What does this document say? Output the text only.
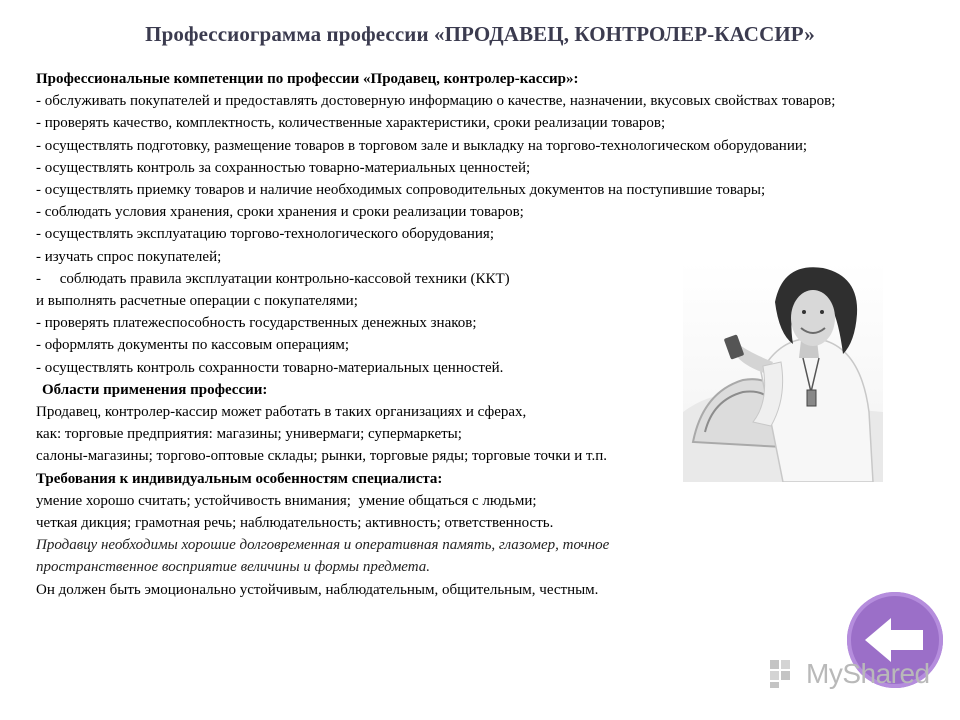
Профессиограмма профессии «ПРОДАВЕЦ, КОНТРОЛЕР-КАССИР»

Профессиональные компетенции по профессии «Продавец, контролер-кассир»:

- обслуживать покупателей и предоставлять достоверную информацию о качестве, назначении, вкусовых свойствах товаров;

- проверять качество, комплектность, количественные характеристики, сроки реализации товаров;

- осуществлять подготовку, размещение товаров в торговом зале и выкладку на торгово-технологическом оборудовании;

- осуществлять контроль за сохранностью товарно-материальных ценностей;

- осуществлять приемку товаров и наличие необходимых сопроводительных документов на поступившие товары;

- соблюдать условия хранения, сроки хранения и сроки реализации товаров;

- осуществлять эксплуатацию торгово-технологического оборудования;

- изучать спрос покупателей;

-     соблюдать правила эксплуатации контрольно-кассовой техники (ККТ)

и выполнять расчетные операции с покупателями;

- проверять платежеспособность государственных денежных знаков;

- оформлять документы по кассовым операциям;

- осуществлять контроль сохранности товарно-материальных ценностей.

Области применения профессии:

Продавец, контролер-кассир может работать в таких организациях и сферах,

как: торговые предприятия: магазины; универмаги; супермаркеты;

салоны-магазины; торгово-оптовые склады; рынки, торговые ряды; торговые точки и т.п.

Требования к индивидуальным особенностям специалиста:

умение хорошо считать; устойчивость внимания;  умение общаться с людьми;

четкая дикция; грамотная речь; наблюдательность; активность; ответственность.

Продавцу необходимы хорошие долговременная и оперативная память, глазомер, точное

пространственное восприятие величины и формы предмета.

Он должен быть эмоционально устойчивым, наблюдательным, общительным, честным.

MyShared
